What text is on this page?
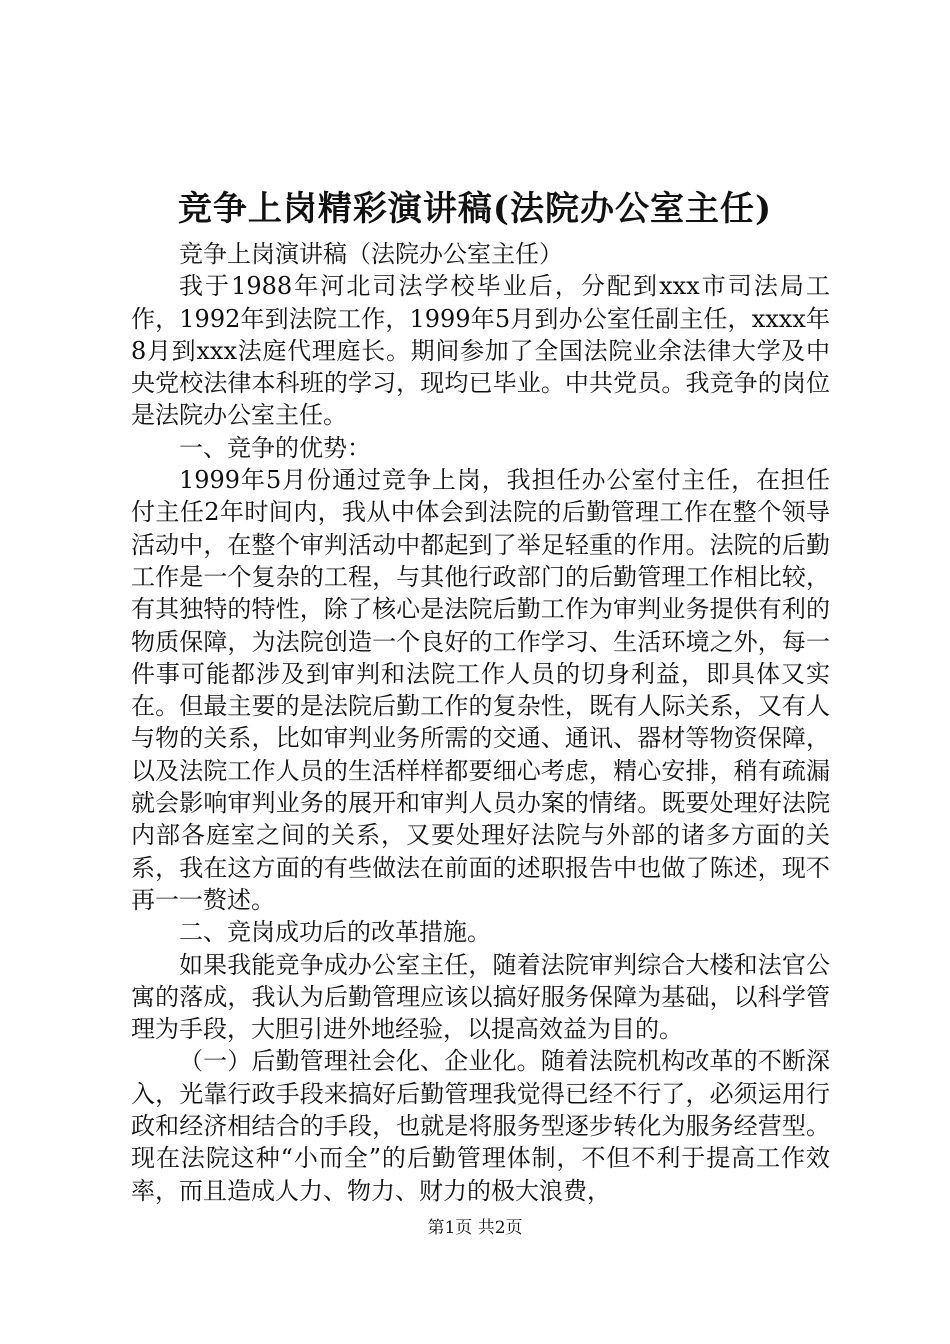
竞争上岗精彩演讲稿(法院办公室主任)

竞争上岗演讲稿（法院办公室主任）

我于1988年河北司法学校毕业后，分配到xxx市司法局工作，1992年到法院工作，1999年5月到办公室任副主任，xxxx年8月到xxx法庭代理庭长。期间参加了全国法院业余法律大学及中央党校法律本科班的学习，现均已毕业。中共党员。我竞争的岗位是法院办公室主任。

一、竞争的优势：

1999年5月份通过竞争上岗，我担任办公室付主任，在担任付主任2年时间内，我从中体会到法院的后勤管理工作在整个领导活动中，在整个审判活动中都起到了举足轻重的作用。法院的后勤工作是一个复杂的工程，与其他行政部门的后勤管理工作相比较，有其独特的特性，除了核心是法院后勤工作为审判业务提供有利的物质保障，为法院创造一个良好的工作学习、生活环境之外，每一件事可能都涉及到审判和法院工作人员的切身利益，即具体又实在。但最主要的是法院后勤工作的复杂性，既有人际关系，又有人与物的关系，比如审判业务所需的交通、通讯、器材等物资保障，以及法院工作人员的生活样样都要细心考虑，精心安排，稍有疏漏就会影响审判业务的展开和审判人员办案的情绪。既要处理好法院内部各庭室之间的关系，又要处理好法院与外部的诸多方面的关系，我在这方面的有些做法在前面的述职报告中也做了陈述，现不再一一赘述。

二、竞岗成功后的改革措施。

如果我能竞争成办公室主任，随着法院审判综合大楼和法官公寓的落成，我认为后勤管理应该以搞好服务保障为基础，以科学管理为手段，大胆引进外地经验，以提高效益为目的。

（一）后勤管理社会化、企业化。随着法院机构改革的不断深入，光靠行政手段来搞好后勤管理我觉得已经不行了，必须运用行政和经济相结合的手段，也就是将服务型逐步转化为服务经营型。现在法院这种“小而全”的后勤管理体制，不但不利于提高工作效率，而且造成人力、物力、财力的极大浪费，

第1页 共2页
